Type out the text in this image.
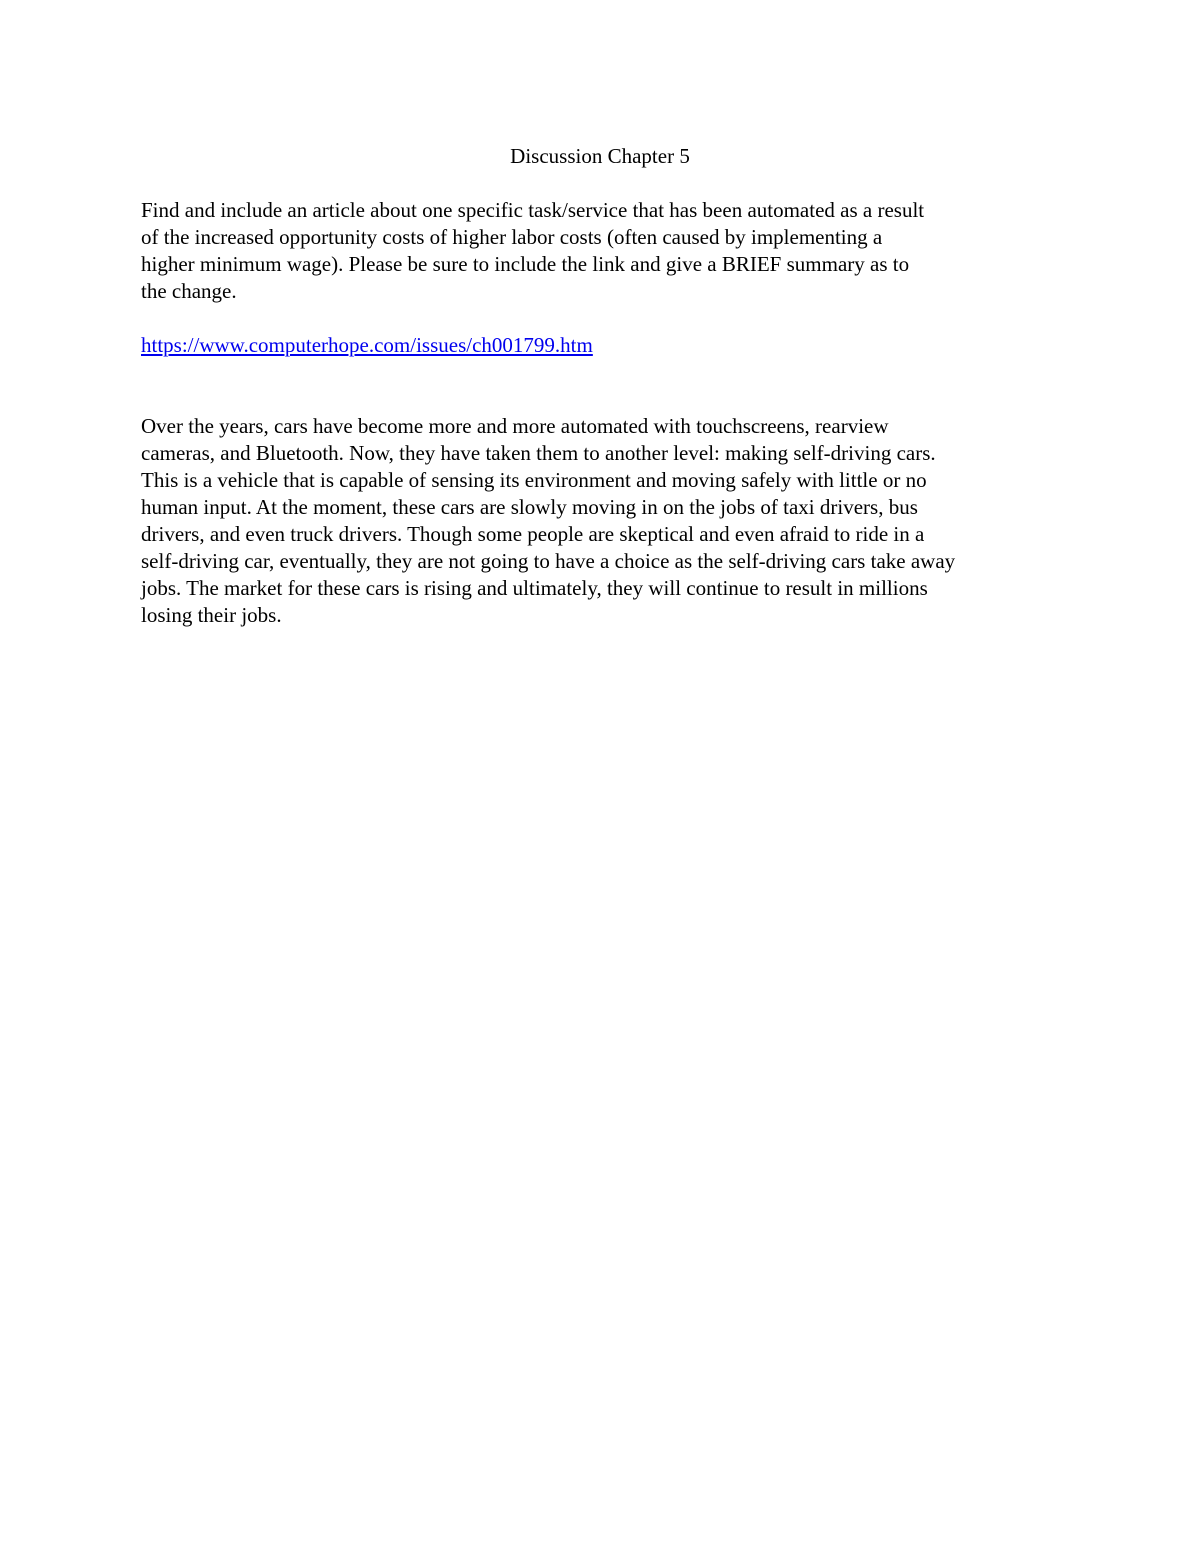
Discussion Chapter 5

Find and include an article about one specific task/service that has been automated as a result
of the increased opportunity costs of higher labor costs (often caused by implementing a
higher minimum wage). Please be sure to include the link and give a BRIEF summary as to
the change.

https://www.computerhope.com/issues/ch001799.htm

Over the years, cars have become more and more automated with touchscreens, rearview
cameras, and Bluetooth. Now, they have taken them to another level: making self-driving cars.
This is a vehicle that is capable of sensing its environment and moving safely with little or no
human input. At the moment, these cars are slowly moving in on the jobs of taxi drivers, bus
drivers, and even truck drivers. Though some people are skeptical and even afraid to ride in a
self-driving car, eventually, they are not going to have a choice as the self-driving cars take away
jobs. The market for these cars is rising and ultimately, they will continue to result in millions
losing their jobs.
